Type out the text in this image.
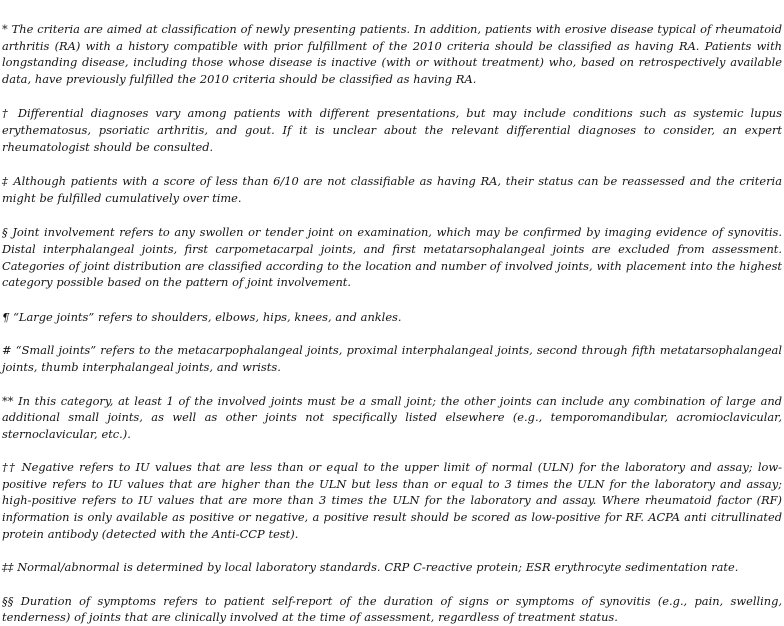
* The criteria are aimed at classification of newly presenting patients. In addition, patients with erosive disease typical of rheumatoid arthritis (RA) with a history compatible with prior fulfillment of the 2010 criteria should be classified as having RA. Patients with longstanding disease, including those whose disease is inactive (with or without treatment) who, based on retrospectively available data, have previously fulfilled the 2010 criteria should be classified as having RA.

† Differential diagnoses vary among patients with different presentations, but may include conditions such as systemic lupus erythematosus, psoriatic arthritis, and gout. If it is unclear about the relevant differential diagnoses to consider, an expert rheumatologist should be consulted.

‡ Although patients with a score of less than 6/10 are not classifiable as having RA, their status can be reassessed and the criteria might be fulfilled cumulatively over time.

§ Joint involvement refers to any swollen or tender joint on examination, which may be confirmed by imaging evidence of synovitis. Distal interphalangeal joints, first carpometacarpal joints, and first metatarsophalangeal joints are excluded from assessment. Categories of joint distribution are classified according to the location and number of involved joints, with placement into the highest category possible based on the pattern of joint involvement.

¶ “Large joints” refers to shoulders, elbows, hips, knees, and ankles.

# “Small joints” refers to the metacarpophalangeal joints, proximal interphalangeal joints, second through fifth metatarsophalangeal joints, thumb interphalangeal joints, and wrists.

** In this category, at least 1 of the involved joints must be a small joint; the other joints can include any combination of large and additional small joints, as well as other joints not specifically listed elsewhere (e.g., temporomandibular, acromioclavicular, sternoclavicular, etc.).

†† Negative refers to IU values that are less than or equal to the upper limit of normal (ULN) for the laboratory and assay; low-positive refers to IU values that are higher than the ULN but less than or equal to 3 times the ULN for the laboratory and assay; high-positive refers to IU values that are more than 3 times the ULN for the laboratory and assay. Where rheumatoid factor (RF) information is only available as positive or negative, a positive result should be scored as low-positive for RF. ACPA anti citrullinated protein antibody (detected with the Anti-CCP test).

‡‡ Normal/abnormal is determined by local laboratory standards. CRP C-reactive protein; ESR erythrocyte sedimentation rate.

§§ Duration of symptoms refers to patient self-report of the duration of signs or symptoms of synovitis (e.g., pain, swelling, tenderness) of joints that are clinically involved at the time of assessment, regardless of treatment status.
